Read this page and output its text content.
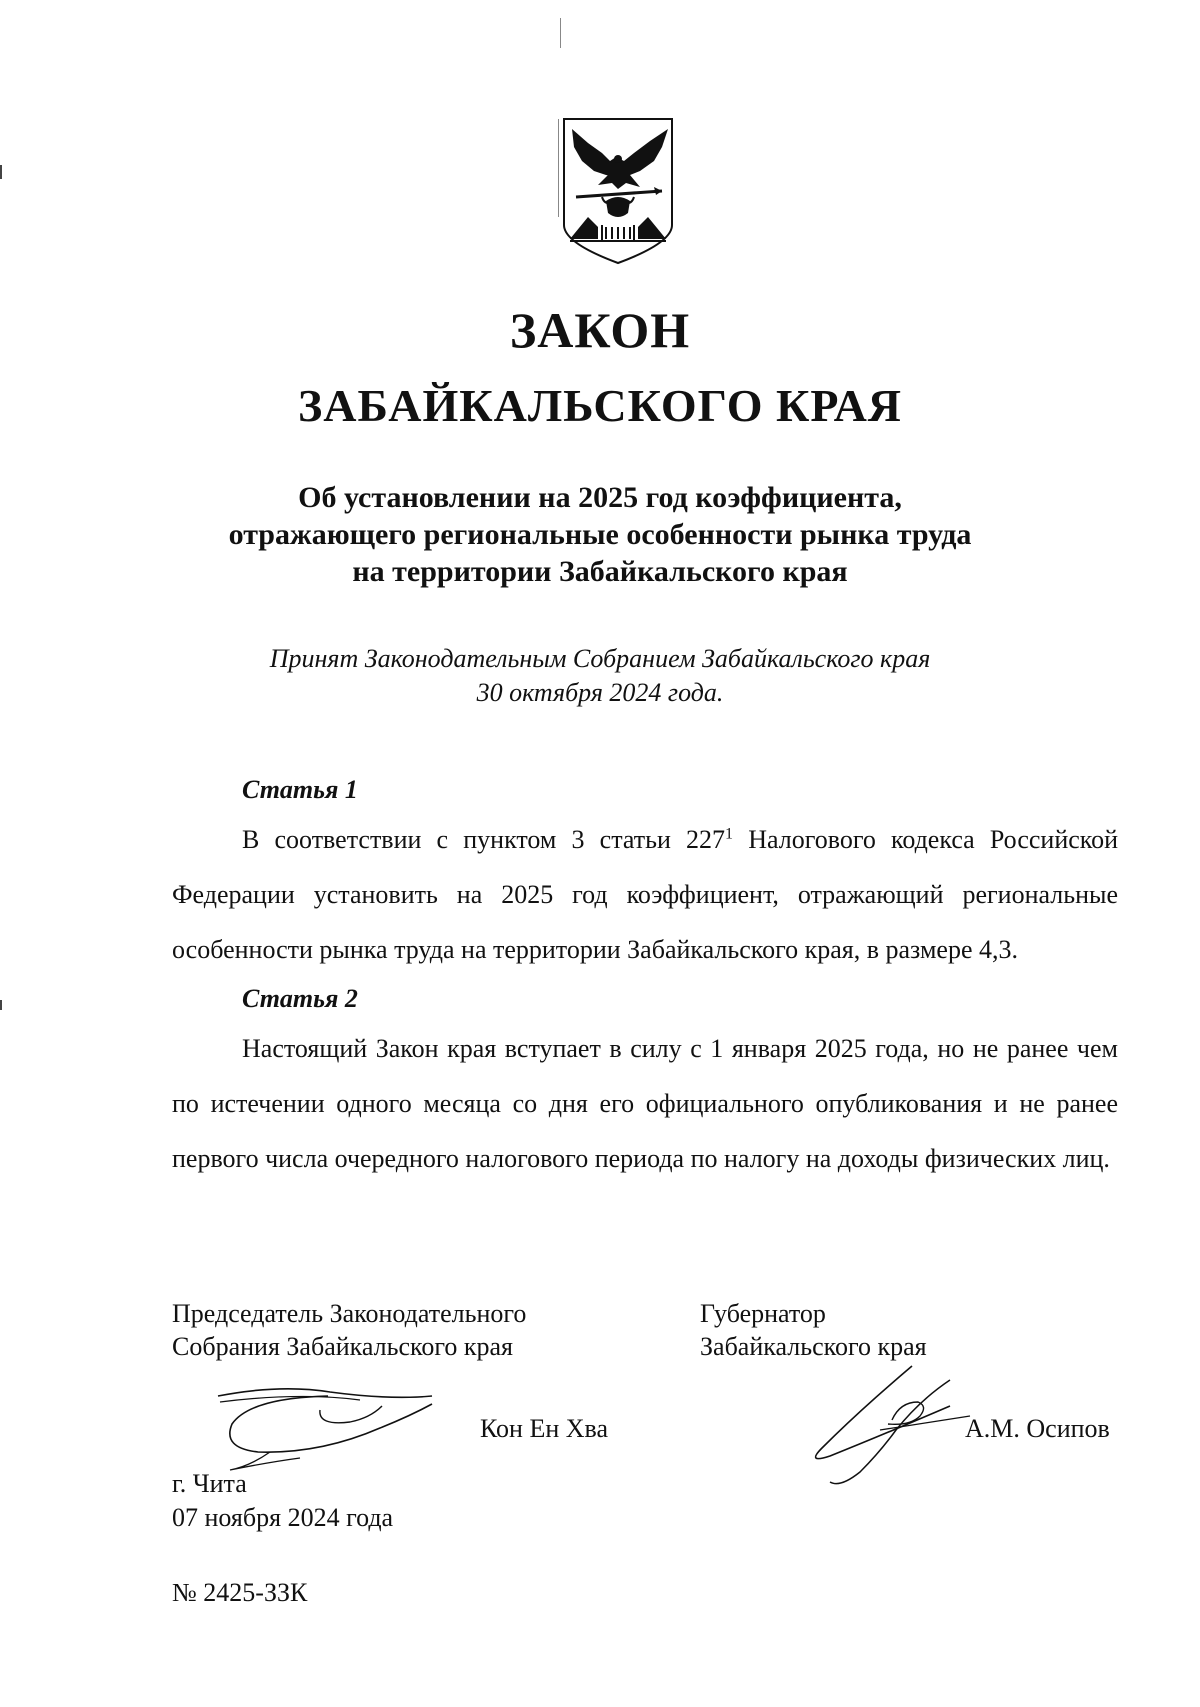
ЗАКОН
ЗАБАЙКАЛЬСКОГО КРАЯ
Об установлении на 2025 год коэффициента,
отражающего региональные особенности рынка труда
на территории Забайкальского края
Принят Законодательным Собранием Забайкальского края
30 октября 2024 года.
Статья 1
В соответствии с пунктом 3 статьи $227^1$ Налогового кодекса Российской Федерации установить на 2025 год коэффициент, отражающий региональные особенности рынка труда на территории Забайкальского края, в размере 4,3.
Статья 2
Настоящий Закон края вступает в силу с 1 января 2025 года, но не ранее чем по истечении одного месяца со дня его официального опубликования и не ранее первого числа очередного налогового периода по налогу на доходы физических лиц.
Председатель Законодательного
Собрания Забайкальского края
Губернатор
Забайкальского края
Кон Ен Хва	А.М. Осипов
г. Чита
07 ноября 2024 года
№ 2425-ЗЗК
